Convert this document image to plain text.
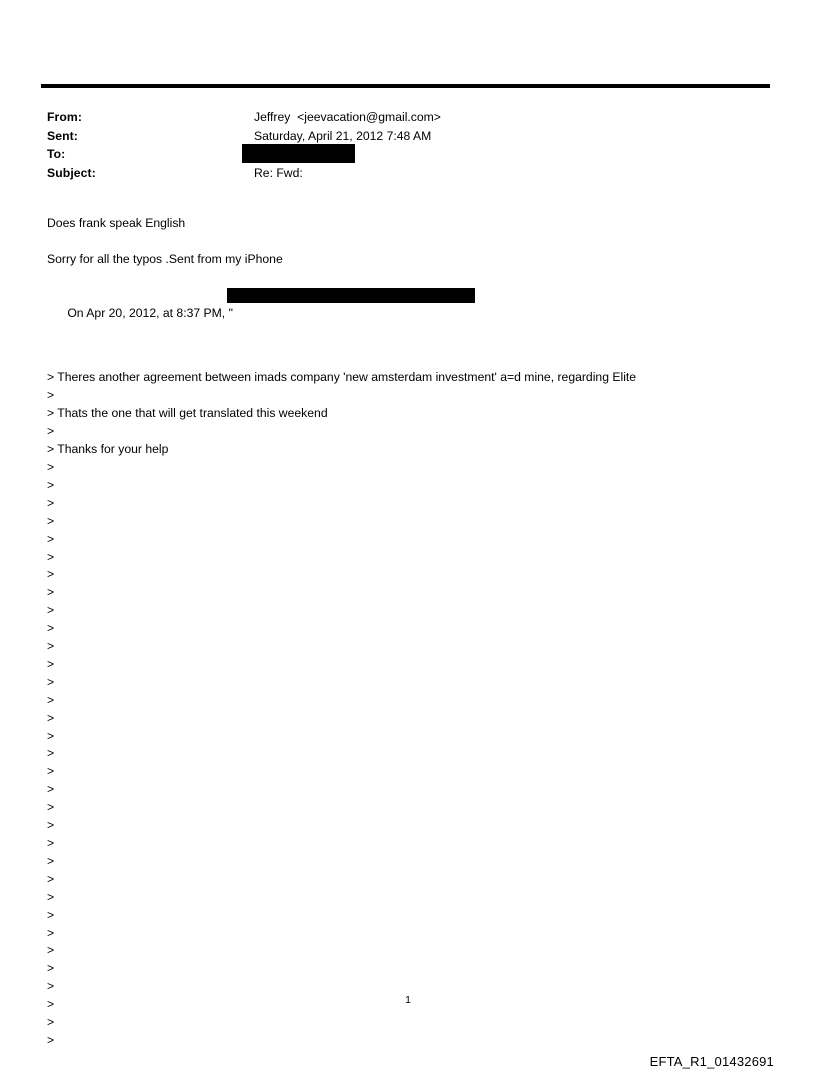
From:	Jeffrey  <jeevacation@gmail.com>
Sent:	Saturday, April 21, 2012 7:48 AM
To:
Subject:	Re: Fwd:

Does frank speak English

Sorry for all the typos .Sent from my iPhone

On Apr 20, 2012, at 8:37 PM, "

> Theres another agreement between imads company 'new amsterdam investment' a=d mine, regarding Elite

>

> Thats the one that will get translated this weekend

>

> Thanks for your help

>

>

>

>

>

>

>

>

>

>

>

>

>

>

>

>

>

>

>

>

>

>

>

>

>

>

>

>

>

>

>

>

>

1
EFTA_R1_01432691
